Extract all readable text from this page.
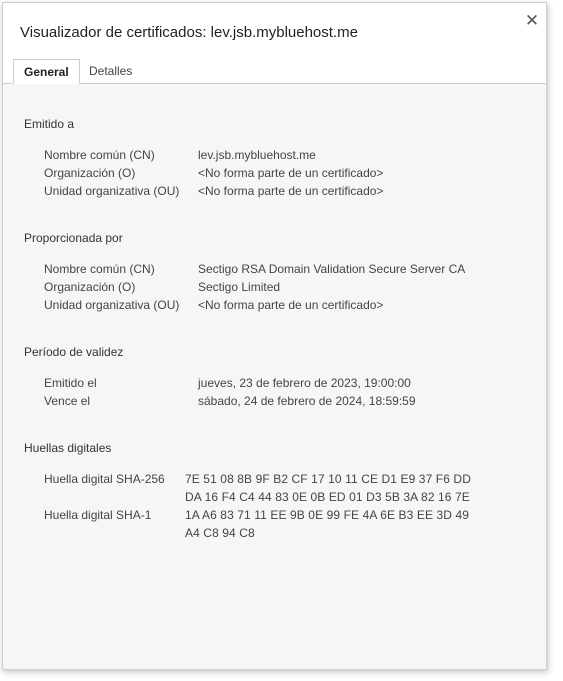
Visualizador de certificados: lev.jsb.mybluehost.me
✕
General	Detalles
Emitido a
Nombre común (CN)	lev.jsb.mybluehost.me
Organización (O)	<No forma parte de un certificado>
Unidad organizativa (OU) <No forma parte de un certificado>
Proporcionada por
Nombre común (CN)	Sectigo RSA Domain Validation Secure Server CA
Organización (O)	Sectigo Limited
Unidad organizativa (OU) <No forma parte de un certificado>
Período de validez
Emitido el	jueves, 23 de febrero de 2023, 19:00:00
Vence el	sábado, 24 de febrero de 2024, 18:59:59
Huellas digitales
Huella digital SHA-256 7E 51 08 8B 9F B2 CF 17 10 11 CE D1 E9 37 F6 DD
DA 16 F4 C4 44 83 0E 0B ED 01 D3 5B 3A 82 16 7E
Huella digital SHA-1	1A A6 83 71 11 EE 9B 0E 99 FE 4A 6E B3 EE 3D 49
A4 C8 94 C8
